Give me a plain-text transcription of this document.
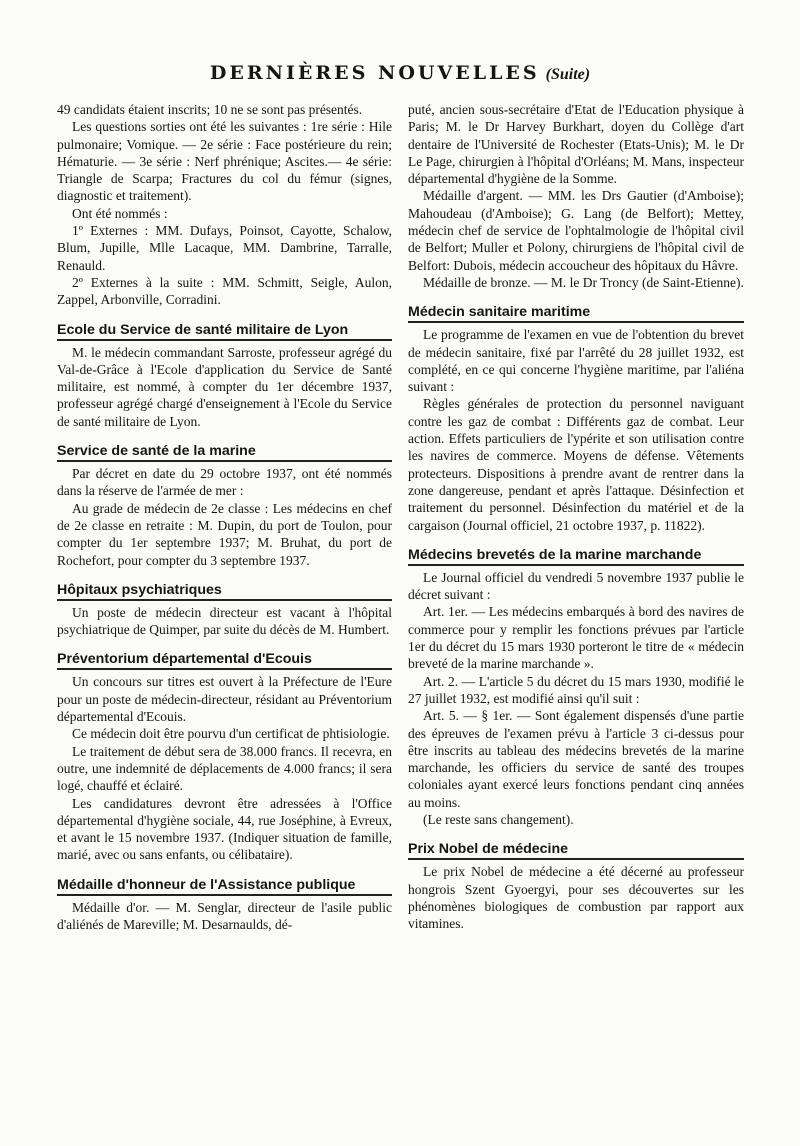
DERNIÈRES NOUVELLES (Suite)

49 candidats étaient inscrits; 10 ne se sont pas présentés.

Les questions sorties ont été les suivantes : 1re série : Hile pulmonaire; Vomique. — 2e série : Face postérieure du rein; Hématurie. — 3e série : Nerf phrénique; Ascites.— 4e série: Triangle de Scarpa; Fractures du col du fémur (signes, diagnostic et traitement).

Ont été nommés :

1º Externes : MM. Dufays, Poinsot, Cayotte, Schalow, Blum, Jupille, Mlle Lacaque, MM. Dambrine, Tarralle, Renauld.

2º Externes à la suite : MM. Schmitt, Seigle, Aulon, Zappel, Arbonville, Corradini.

Ecole du Service de santé militaire de Lyon

M. le médecin commandant Sarroste, professeur agrégé du Val-de-Grâce à l'Ecole d'application du Service de Santé militaire, est nommé, à compter du 1er décembre 1937, professeur agrégé chargé d'enseignement à l'Ecole du Service de santé militaire de Lyon.

Service de santé de la marine

Par décret en date du 29 octobre 1937, ont été nommés dans la réserve de l'armée de mer :

Au grade de médecin de 2e classe : Les médecins en chef de 2e classe en retraite : M. Dupin, du port de Toulon, pour compter du 1er septembre 1937; M. Bruhat, du port de Rochefort, pour compter du 3 septembre 1937.

Hôpitaux psychiatriques

Un poste de médecin directeur est vacant à l'hôpital psychiatrique de Quimper, par suite du décès de M. Humbert.

Préventorium départemental d'Ecouis

Un concours sur titres est ouvert à la Préfecture de l'Eure pour un poste de médecin-directeur, résidant au Préventorium départemental d'Ecouis.

Ce médecin doit être pourvu d'un certificat de phtisiologie.

Le traitement de début sera de 38.000 francs. Il recevra, en outre, une indemnité de déplacements de 4.000 francs; il sera logé, chauffé et éclairé.

Les candidatures devront être adressées à l'Office départemental d'hygiène sociale, 44, rue Joséphine, à Evreux, et avant le 15 novembre 1937. (Indiquer situation de famille, marié, avec ou sans enfants, ou célibataire).

Médaille d'honneur de l'Assistance publique

Médaille d'or. — M. Senglar, directeur de l'asile public d'aliénés de Mareville; M. Desarnaulds, dé-

puté, ancien sous-secrétaire d'Etat de l'Education physique à Paris; M. le Dr Harvey Burkhart, doyen du Collège d'art dentaire de l'Université de Rochester (Etats-Unis); M. le Dr Le Page, chirurgien à l'hôpital d'Orléans; M. Mans, inspecteur départemental d'hygiène de la Somme.

Médaille d'argent. — MM. les Drs Gautier (d'Amboise); Mahoudeau (d'Amboise); G. Lang (de Belfort); Mettey, médecin chef de service de l'ophtalmologie de l'hôpital civil de Belfort; Muller et Polony, chirurgiens de l'hôpital civil de Belfort: Dubois, médecin accoucheur des hôpitaux du Hâvre.

Médaille de bronze. — M. le Dr Troncy (de Saint-Etienne).

Médecin sanitaire maritime

Le programme de l'examen en vue de l'obtention du brevet de médecin sanitaire, fixé par l'arrêté du 28 juillet 1932, est complété, en ce qui concerne l'hygiène maritime, par l'aliéna suivant :

Règles générales de protection du personnel naviguant contre les gaz de combat : Différents gaz de combat. Leur action. Effets particuliers de l'ypérite et son utilisation contre les navires de commerce. Moyens de défense. Vêtements protecteurs. Dispositions à prendre avant de rentrer dans la zone dangereuse, pendant et après l'attaque. Désinfection et traitement du personnel. Désinfection du matériel et de la cargaison (Journal officiel, 21 octobre 1937, p. 11822).

Médecins brevetés de la marine marchande

Le Journal officiel du vendredi 5 novembre 1937 publie le décret suivant :

Art. 1er. — Les médecins embarqués à bord des navires de commerce pour y remplir les fonctions prévues par l'article 1er du décret du 15 mars 1930 porteront le titre de « médecin breveté de la marine marchande ».

Art. 2. — L'article 5 du décret du 15 mars 1930, modifié le 27 juillet 1932, est modifié ainsi qu'il suit :

Art. 5. — § 1er. — Sont également dispensés d'une partie des épreuves de l'examen prévu à l'article 3 ci-dessus pour être inscrits au tableau des médecins brevetés de la marine marchande, les officiers du service de santé des troupes coloniales ayant exercé leurs fonctions pendant cinq années au moins.

(Le reste sans changement).

Prix Nobel de médecine

Le prix Nobel de médecine a été décerné au professeur hongrois Szent Gyoergyi, pour ses découvertes sur les phénomènes biologiques de combustion par rapport aux vitamines.
